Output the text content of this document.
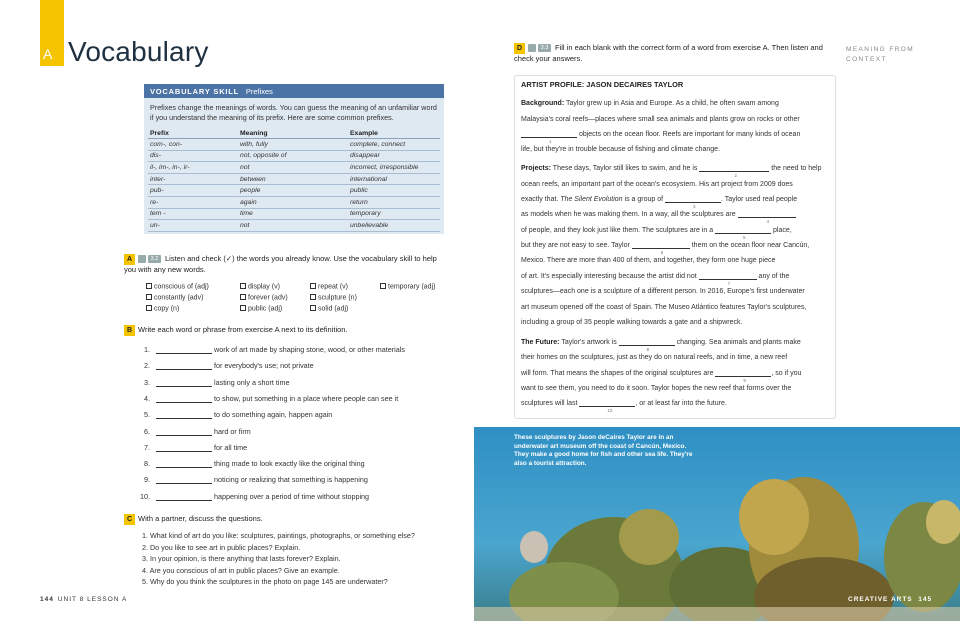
A Vocabulary
VOCABULARY SKILL Prefixes
Prefixes change the meanings of words. You can guess the meaning of an unfamiliar word if you understand the meaning of its prefix. Here are some common prefixes.
Prefix	Meaning	Example
com-, con-	with, fully	complete, connect
dis-	not, opposite of	disappear
il-, im-, in-, ir-	not	incorrect, irresponsible
inter-	between	international
pub-	people	public
re-	again	return
tem -	time	temporary
un-	not	unbelievable
A	3.2 Listen and check (✓) the words you already know. Use the vocabulary skill to help you with any new words.
conscious of (adj)	display (v)	repeat (v)	temporary (adj)
constantly (adv)	forever (adv)	sculpture (n)
copy (n)	public (adj)	solid (adj)
B Write each word or phrase from exercise A next to its definition.
1.	work of art made by shaping stone, wood, or other materials
2.	for everybody's use; not private
3.	lasting only a short time
4.	to show, put something in a place where people can see it
5.	to do something again, happen again
6.	hard or firm
7.	for all time
8.	thing made to look exactly like the original thing
9.	noticing or realizing that something is happening
10.	happening over a period of time without stopping
C With a partner, discuss the questions.
1. What kind of art do you like: sculptures, paintings, photographs, or something else?
2. Do you like to see art in public places? Explain.
3. In your opinion, is there anything that lasts forever? Explain.
4. Are you conscious of art in public places? Give an example.
5. Why do you think the sculptures in the photo on page 145 are underwater?
144 UNIT 8 LESSON A
D	3.3 Fill in each blank with the correct form of a word from exercise A. Then listen and check your answers.
MEANING FROM CONTEXT
ARTIST PROFILE: JASON DECAIRES TAYLOR
Background: Taylor grew up in Asia and Europe. As a child, he often swam among
Malaysia's coral reefs—places where small sea animals and plants grow on rocks or other
1
objects on the ocean floor. Reefs are important for many kinds of ocean
life, but they're in trouble because of fishing and climate change.
Projects: These days, Taylor still likes to swim, and he is
2
the need to help
ocean reefs, an important part of the ocean's ecosystem. His art project from 2009 does
exactly that. The Silent Evolution is a group of
3
. Taylor used real people
as models when he was making them. In a way, all the sculptures are
4
of people, and they look just like them. The sculptures are in a
5
place,
but they are not easy to see. Taylor
6
them on the ocean floor near Cancún,
Mexico. There are more than 400 of them, and together, they form one huge piece
of art. It's especially interesting because the artist did not
7
any of the
sculptures—each one is a sculpture of a different person. In 2016, Europe's first underwater
art museum opened off the coast of Spain. The Museo Atlántico features Taylor's sculptures,
including a group of 35 people walking towards a gate and a shipwreck.
The Future: Taylor's artwork is
8
changing. Sea animals and plants make
their homes on the sculptures, just as they do on natural reefs, and in time, a new reef
will form. That means the shapes of the original sculptures are
9
, so if you
want to see them, you need to do it soon. Taylor hopes the new reef that forms over the
sculptures will last
10
, or at least far into the future.
These sculptures by Jason deCaires Taylor are in an underwater art museum off the coast of Cancún, Mexico. They make a good home for fish and other sea life. They're also a tourist attraction.
CREATIVE ARTS 145
